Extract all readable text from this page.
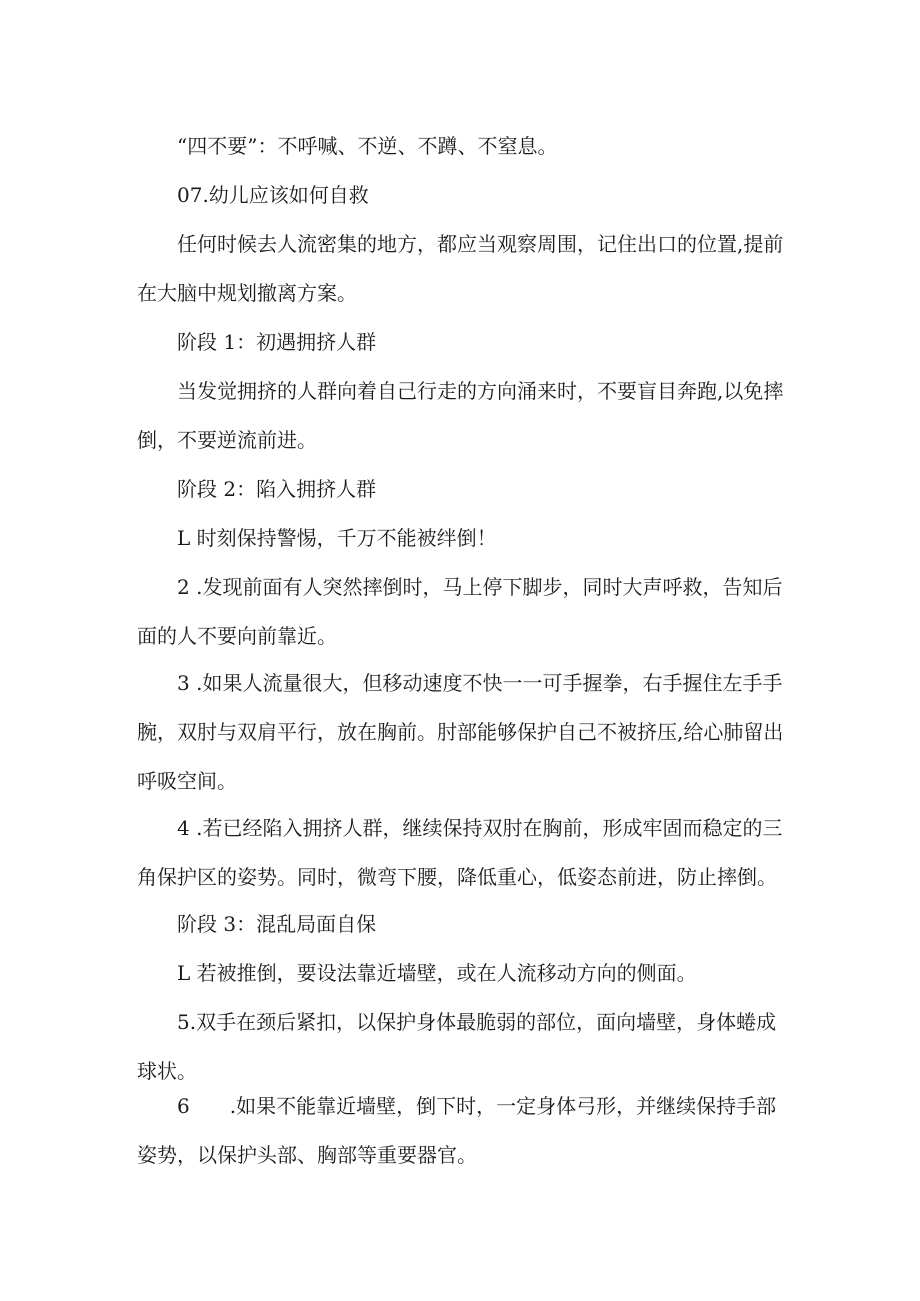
“四不要”：不呼喊、不逆、不蹲、不窒息。

07.幼儿应该如何自救

任何时候去人流密集的地方，都应当观察周围，记住出口的位置,提前
在大脑中规划撤离方案。

阶段 1：初遇拥挤人群

当发觉拥挤的人群向着自己行走的方向涌来时，不要盲目奔跑,以免摔
倒，不要逆流前进。

阶段 2：陷入拥挤人群

L 时刻保持警惕，千万不能被绊倒！

2 .发现前面有人突然摔倒时，马上停下脚步，同时大声呼救，告知后
面的人不要向前靠近。

3 .如果人流量很大，但移动速度不快一一可手握拳，右手握住左手手
腕，双肘与双肩平行，放在胸前。肘部能够保护自己不被挤压,给心肺留出
呼吸空间。

4 .若已经陷入拥挤人群，继续保持双肘在胸前，形成牢固而稳定的三
角保护区的姿势。同时，微弯下腰，降低重心，低姿态前进，防止摔倒。

阶段 3：混乱局面自保

L 若被推倒，要设法靠近墙壁，或在人流移动方向的侧面。

5.双手在颈后紧扣，以保护身体最脆弱的部位，面向墙壁，身体蜷成
球状。

6　　.如果不能靠近墙壁，倒下时，一定身体弓形，并继续保持手部
姿势，以保护头部、胸部等重要器官。
